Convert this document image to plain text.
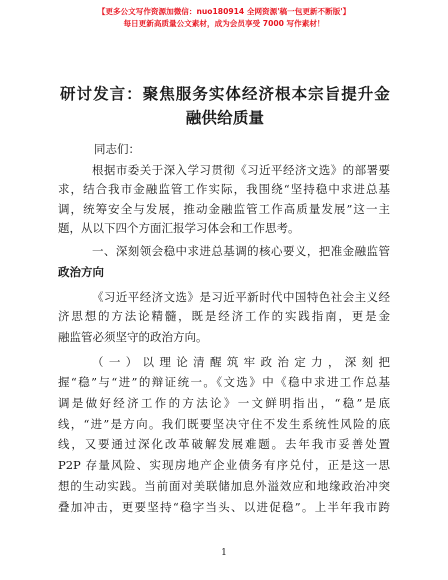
【更多公文写作资源加微信：nuo180914 全网资源'稿一包更新不断版'】
每日更新高质量公文素材，成为会员享受 7000 写作素材！
研讨发言：聚焦服务实体经济根本宗旨提升金
融供给质量
同志们：
根据市委关于深入学习贯彻《习近平经济文选》的部署要
求，结合我市金融监管工作实际，我围绕“坚持稳中求进总基
调，统筹安全与发展，推动金融监管工作高质量发展”这一主
题，从以下四个方面汇报学习体会和工作思考。
一、深刻领会稳中求进总基调的核心要义，把准金融监管
政治方向
《习近平经济文选》是习近平新时代中国特色社会主义经
济思想的方法论精髓，既是经济工作的实践指南，更是金
融监管必须坚守的政治方向。
（一）以理论清醒筑牢政治定力，深刻把
握“稳”与“进”的辩证统一。《文选》中《稳中求进工作总基
调是做好经济工作的方法论》一文鲜明指出，“稳”是底
线，“进”是方向。我们既要坚决守住不发生系统性风险的底
线，又要通过深化改革破解发展难题。去年我市妥善处置
P2P 存量风险、实现房地产企业债务有序兑付，正是这一思
想的生动实践。当前面对美联储加息外溢效应和地缘政治冲突
叠加冲击，更要坚持“稳字当头、以进促稳”。上半年我市跨
1
